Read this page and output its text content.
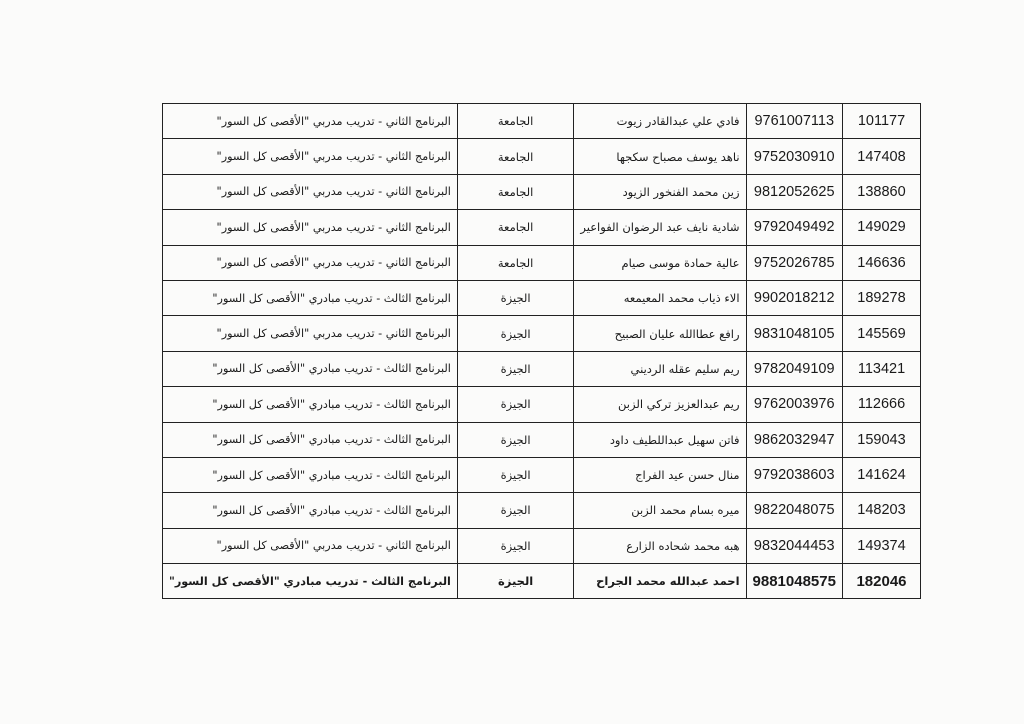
101177	9761007113	فادي علي عبدالقادر زيوت	الجامعة	البرنامج الثاني - تدريب مدربي "الأقصى كل السور"
147408	9752030910	ناهد يوسف مصباح سكجها	الجامعة	البرنامج الثاني - تدريب مدربي "الأقصى كل السور"
138860	9812052625	زين محمد الفنخور الزيود	الجامعة	البرنامج الثاني - تدريب مدربي "الأقصى كل السور"
149029	9792049492	شادية نايف عبد الرضوان الفواعير	الجامعة	البرنامج الثاني - تدريب مدربي "الأقصى كل السور"
146636	9752026785	عالية حمادة موسى صيام	الجامعة	البرنامج الثاني - تدريب مدربي "الأقصى كل السور"
189278	9902018212	الاء ذياب محمد المعيمعه	الجيزة	البرنامج الثالث - تدريب مبادري "الأقصى كل السور"
145569	9831048105	رافع عطاالله عليان الصبيح	الجيزة	البرنامج الثاني - تدريب مدربي "الأقصى كل السور"
113421	9782049109	ريم سليم عقله الرديني	الجيزة	البرنامج الثالث - تدريب مبادري "الأقصى كل السور"
112666	9762003976	ريم عبدالعزيز تركي الزبن	الجيزة	البرنامج الثالث - تدريب مبادري "الأقصى كل السور"
159043	9862032947	فاتن سهيل عبداللطيف داود	الجيزة	البرنامج الثالث - تدريب مبادري "الأقصى كل السور"
141624	9792038603	منال حسن عيد الفراج	الجيزة	البرنامج الثالث - تدريب مبادري "الأقصى كل السور"
148203	9822048075	ميره بسام محمد الزبن	الجيزة	البرنامج الثالث - تدريب مبادري "الأقصى كل السور"
149374	9832044453	هبه محمد شحاده الزارع	الجيزة	البرنامج الثاني - تدريب مدربي "الأقصى كل السور"
182046	9881048575	احمد عبدالله محمد الجراح	الجيزة	البرنامج الثالث - تدريب مبادري "الأقصى كل السور"
